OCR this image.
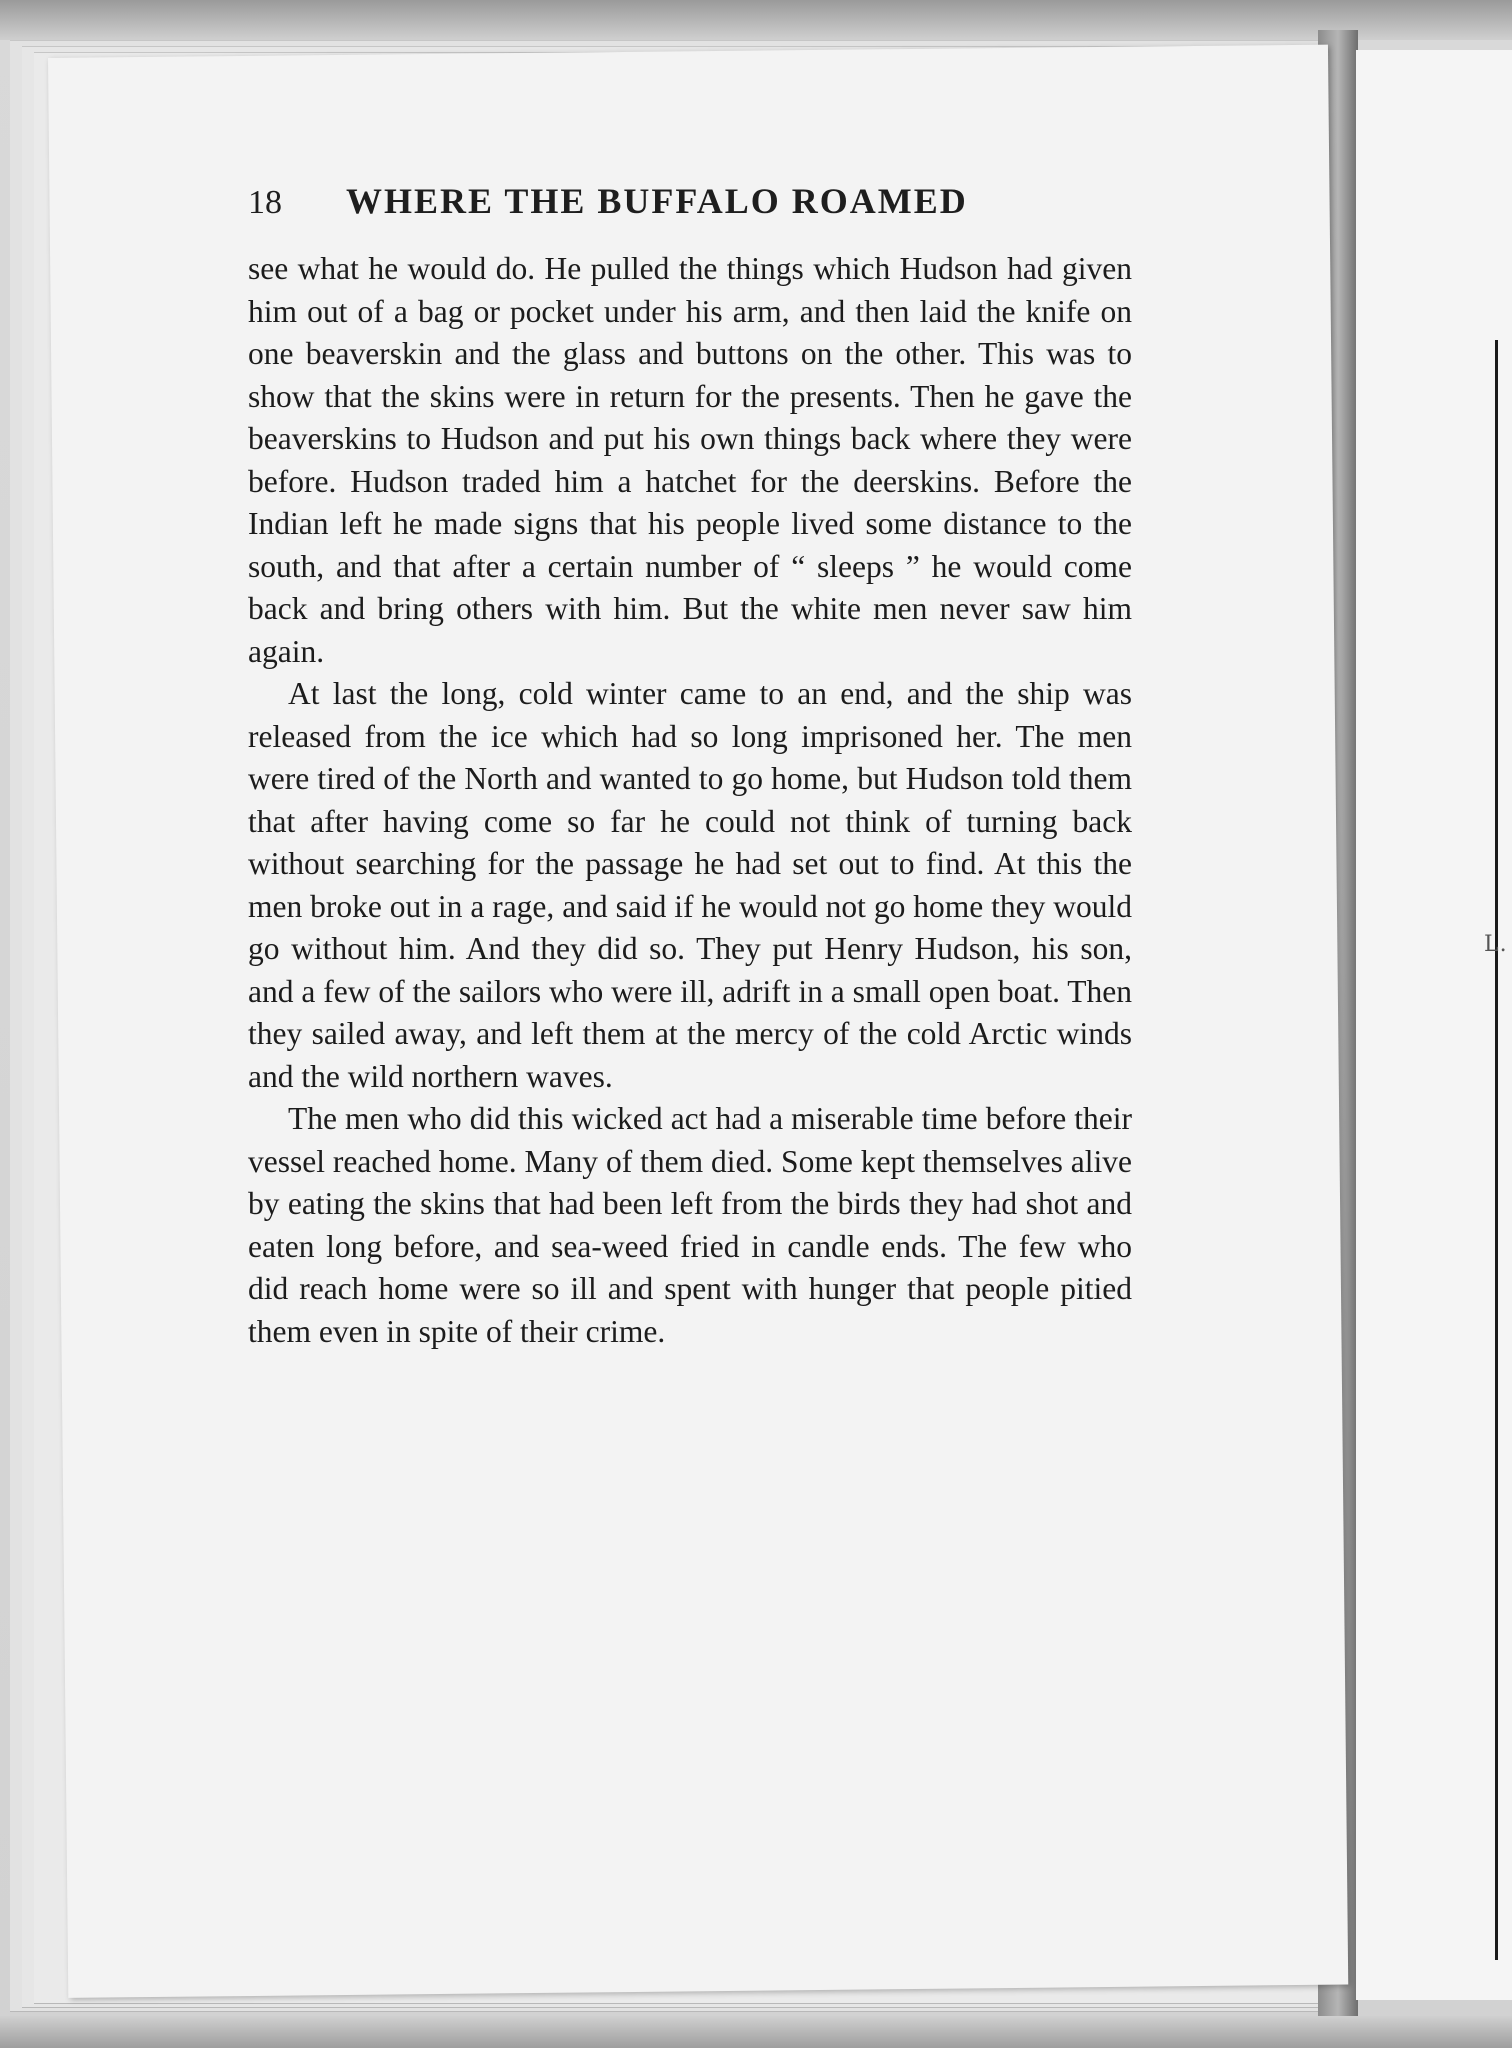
L.
18 WHERE THE BUFFALO ROAMED

see what he would do. He pulled the things which Hudson had given him out of a bag or pocket under his arm, and then laid the knife on one beaverskin and the glass and buttons on the other. This was to show that the skins were in return for the presents. Then he gave the beaverskins to Hudson and put his own things back where they were before. Hudson traded him a hatchet for the deerskins. Before the Indian left he made signs that his people lived some distance to the south, and that after a certain number of “ sleeps ” he would come back and bring others with him. But the white men never saw him again.

At last the long, cold winter came to an end, and the ship was released from the ice which had so long imprisoned her. The men were tired of the North and wanted to go home, but Hudson told them that after having come so far he could not think of turning back without searching for the passage he had set out to find. At this the men broke out in a rage, and said if he would not go home they would go without him. And they did so. They put Henry Hudson, his son, and a few of the sailors who were ill, adrift in a small open boat. Then they sailed away, and left them at the mercy of the cold Arctic winds and the wild northern waves.

The men who did this wicked act had a miserable time before their vessel reached home. Many of them died. Some kept themselves alive by eating the skins that had been left from the birds they had shot and eaten long before, and sea-weed fried in candle ends. The few who did reach home were so ill and spent with hunger that people pitied them even in spite of their crime.
